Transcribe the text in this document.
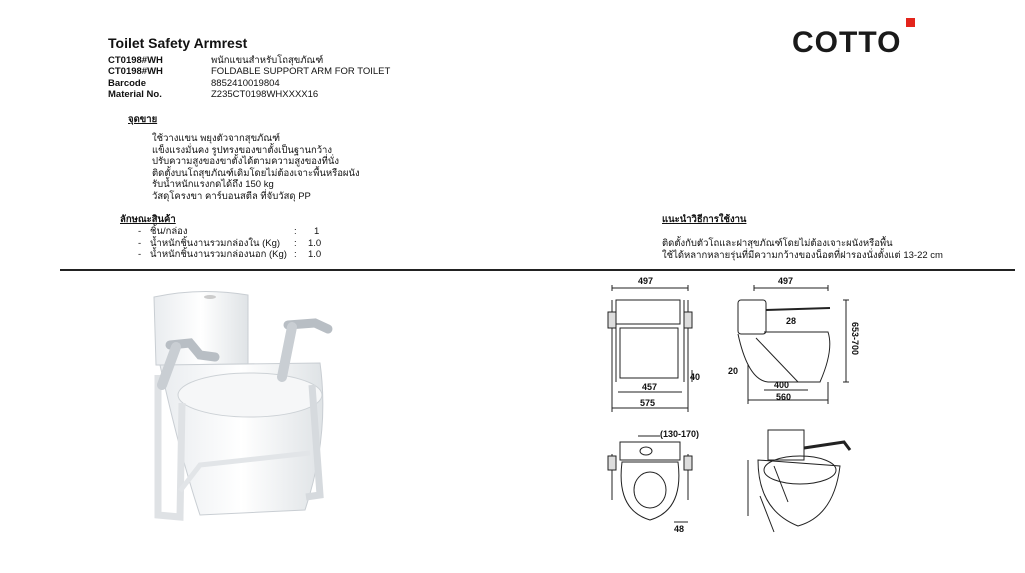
Toilet Safety Armrest
CT0198#WH	พนักแขนสำหรับโถสุขภัณฑ์
CT0198#WH	FOLDABLE SUPPORT ARM FOR TOILET
Barcode	8852410019804
Material No.	Z235CT0198WHXXXX16
COTTO
จุดขาย
ใช้วางแขน พยุงตัวจากสุขภัณฑ์
แข็งแรงมั่นคง รูปทรงของขาตั้งเป็นฐานกว้าง
ปรับความสูงของขาตั้งได้ตามความสูงของที่นั่ง
ติดตั้งบนโถสุขภัณฑ์เดิมโดยไม่ต้องเจาะพื้นหรือผนัง
รับน้ำหนักแรงกดได้ถึง 150 kg
วัสดุโครงขา คาร์บอนสตีล ที่จับวัสดุ PP
ลักษณะสินค้า
- ชิ้น/กล่อง	:	1
- น้ำหนักชิ้นงานรวมกล่องใน (Kg)	:	1.0
- น้ำหนักชิ้นงานรวมกล่องนอก (Kg) :	1.0
แนะนำวิธีการใช้งาน
ติดตั้งกับตัวโถและฝาสุขภัณฑ์โดยไม่ต้องเจาะผนังหรือพื้น
ใช้ได้หลากหลายรุ่นที่มีความกว้างของน็อตที่ฝารองนั่งตั้งแต่ 13-22 cm
497
457
575
40
497
28
653-700
20
400
560
(130-170)
48
